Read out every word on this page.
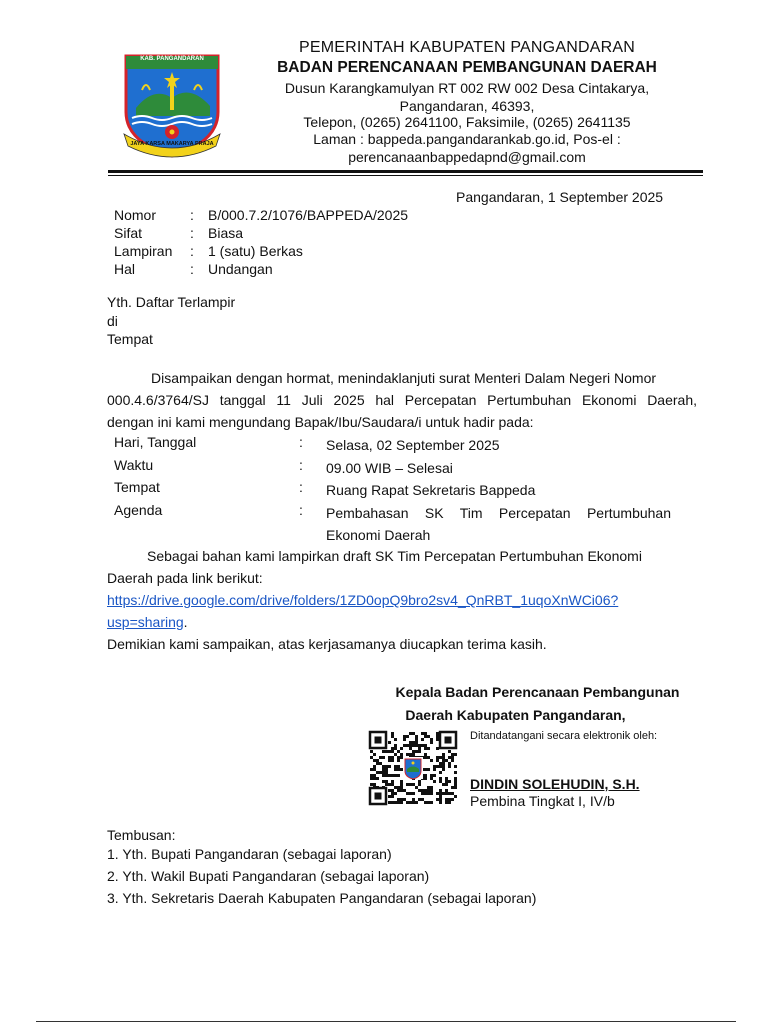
KAB. PANGANDARAN
JAYA KARSA MAKARYA PRAJA
PEMERINTAH KABUPATEN PANGANDARAN
BADAN PERENCANAAN PEMBANGUNAN DAERAH
Dusun Karangkamulyan RT 002 RW 002 Desa Cintakarya,
Pangandaran, 46393,
Telepon, (0265) 2641100, Faksimile, (0265) 2641135
Laman : bappeda.pangandarankab.go.id, Pos-el :
perencanaanbappedapnd@gmail.com
Pangandaran, 1 September 2025
Nomor	:	B/000.7.2/1076/BAPPEDA/2025
Sifat	:	Biasa
Lampiran	:	1 (satu) Berkas
Hal	:	Undangan
Yth. Daftar Terlampir
di
Tempat
Disampaikan dengan hormat, menindaklanjuti surat Menteri Dalam Negeri Nomor
000.4.6/3764/SJ tanggal 11 Juli 2025 hal Percepatan Pertumbuhan Ekonomi Daerah,
dengan ini kami mengundang Bapak/Ibu/Saudara/i untuk hadir pada:
Hari, Tanggal	:	Selasa, 02 September 2025
Waktu	:	09.00 WIB – Selesai
Tempat	:	Ruang Rapat Sekretaris Bappeda
Agenda	:	Pembahasan SK Tim Percepatan Pertumbuhan Ekonomi Daerah
Sebagai bahan kami lampirkan draft SK Tim Percepatan Pertumbuhan Ekonomi
Daerah pada link berikut:
https://drive.google.com/drive/folders/1ZD0opQ9bro2sv4_QnRBT_1uqoXnWCi06?
usp=sharing.
Demikian kami sampaikan, atas kerjasamanya diucapkan terima kasih.
Kepala Badan Perencanaan Pembangunan
Daerah Kabupaten Pangandaran,
Ditandatangani secara elektronik oleh:
DINDIN SOLEHUDIN, S.H.
Pembina Tingkat I, IV/b
Tembusan:
1. Yth. Bupati Pangandaran (sebagai laporan)
2. Yth. Wakil Bupati Pangandaran (sebagai laporan)
3. Yth. Sekretaris Daerah Kabupaten Pangandaran (sebagai laporan)
